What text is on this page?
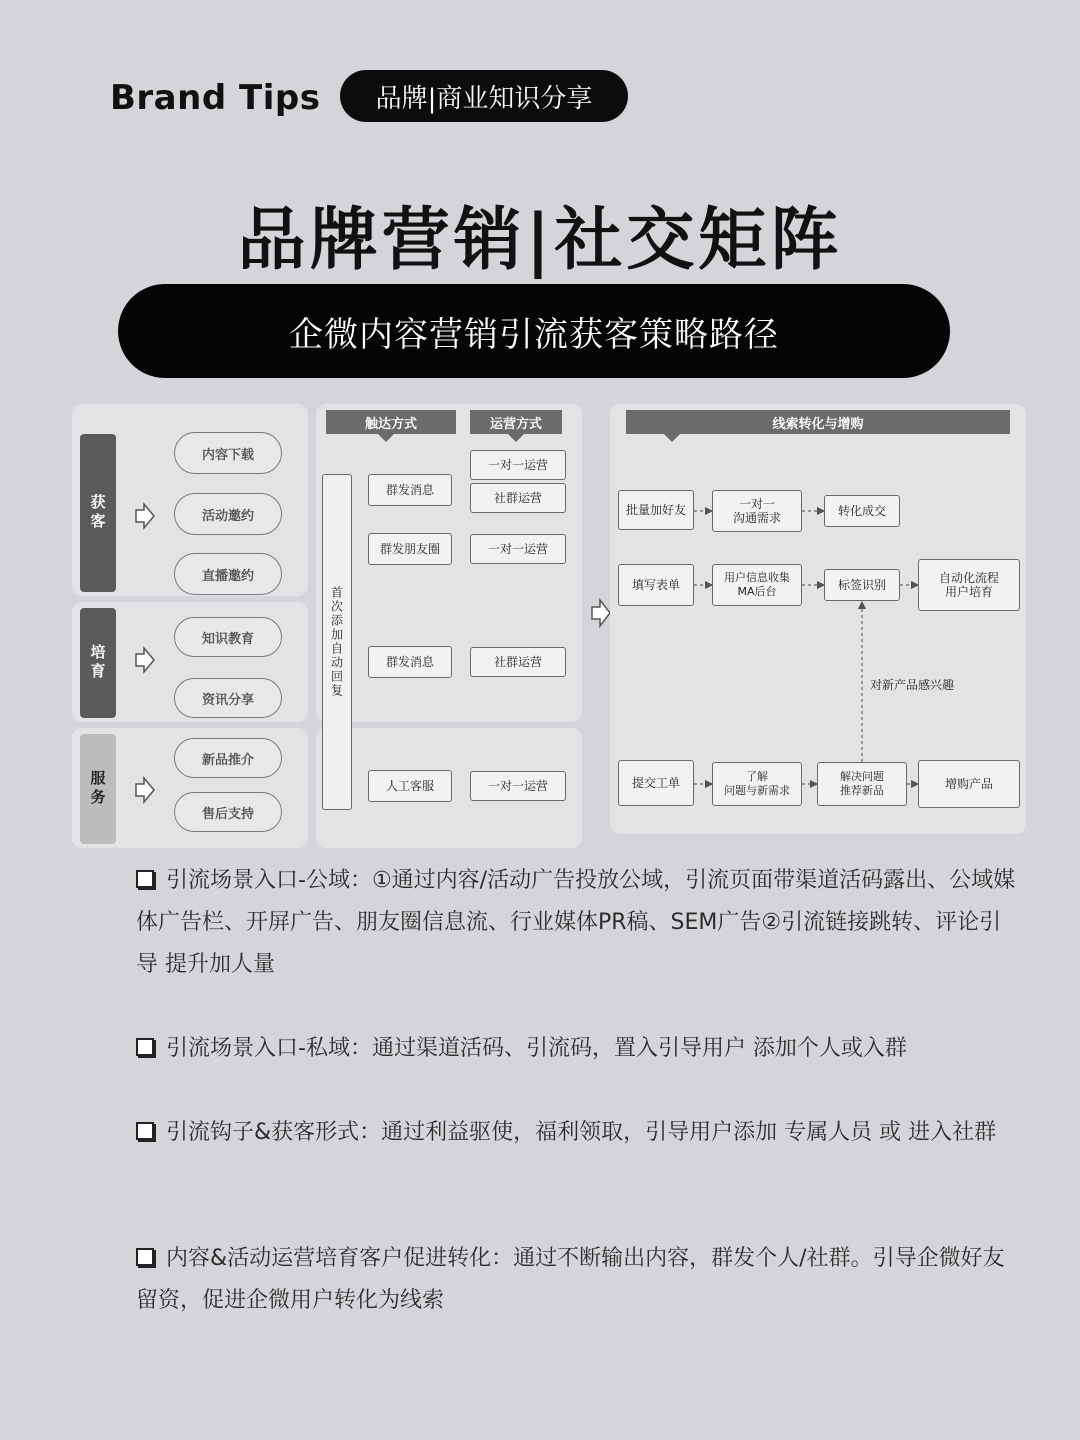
Brand Tips	品牌|商业知识分享
品牌营销|社交矩阵
企微内容营销引流获客策略路径
获客
培育
服务
内容下载
活动邀约
直播邀约
知识教育
资讯分享
新品推介
售后支持
触达方式	运营方式
首次添加自动回复
群发消息
群发朋友圈
群发消息
人工客服
一对一运营
社群运营
一对一运营
社群运营
一对一运营
线索转化与增购
批量加好友	一对一
沟通需求	转化成交
填写表单
用户信息收集
MA后台	标签识别	自动化流程
用户培育
对新产品感兴趣
提交工单	了解
问题与新需求
解决问题
推荐新品	增购产品
引流场景入口-公域：①通过内容/活动广告投放公域，引流页面带渠道活码露出、公域媒体广告栏、开屏广告、朋友圈信息流、行业媒体PR稿、SEM广告②引流链接跳转、评论引导 提升加人量
引流场景入口-私域：通过渠道活码、引流码，置入引导用户 添加个人或入群
引流钩子&获客形式：通过利益驱使，福利领取，引导用户添加 专属人员 或 进入社群
内容&活动运营培育客户促进转化：通过不断输出内容，群发个人/社群。引导企微好友留资，促进企微用户转化为线索
